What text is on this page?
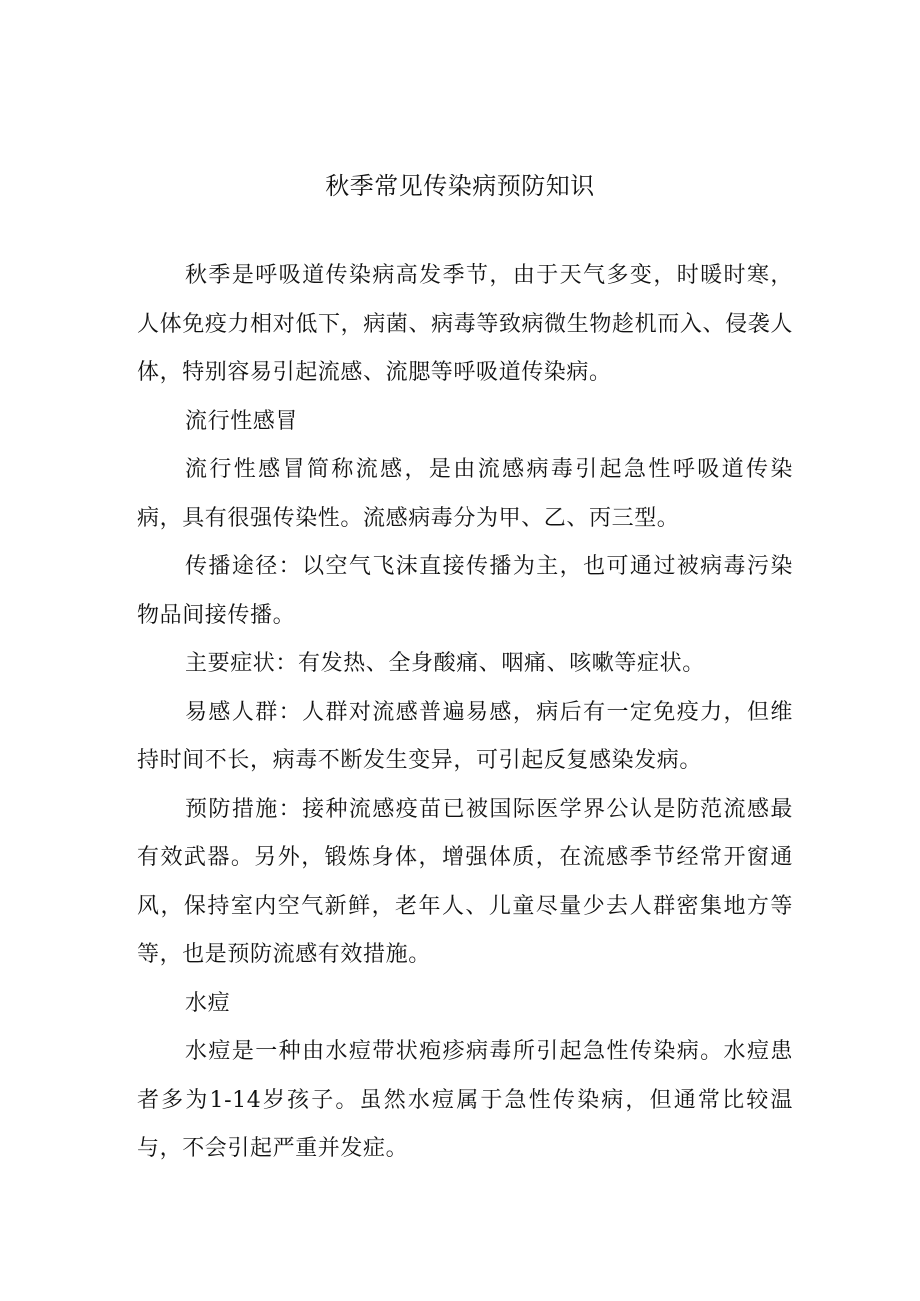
秋季常见传染病预防知识

秋季是呼吸道传染病高发季节，由于天气多变，时暖时寒，人体免疫力相对低下，病菌、病毒等致病微生物趁机而入、侵袭人体，特别容易引起流感、流腮等呼吸道传染病。

流行性感冒

流行性感冒简称流感，是由流感病毒引起急性呼吸道传染病，具有很强传染性。流感病毒分为甲、乙、丙三型。

传播途径：以空气飞沫直接传播为主，也可通过被病毒污染物品间接传播。

主要症状：有发热、全身酸痛、咽痛、咳嗽等症状。

易感人群：人群对流感普遍易感，病后有一定免疫力，但维持时间不长，病毒不断发生变异，可引起反复感染发病。

预防措施：接种流感疫苗已被国际医学界公认是防范流感最有效武器。另外，锻炼身体，增强体质，在流感季节经常开窗通风，保持室内空气新鲜，老年人、儿童尽量少去人群密集地方等等，也是预防流感有效措施。

水痘

水痘是一种由水痘带状疱疹病毒所引起急性传染病。水痘患者多为1-14岁孩子。虽然水痘属于急性传染病，但通常比较温与，不会引起严重并发症。
